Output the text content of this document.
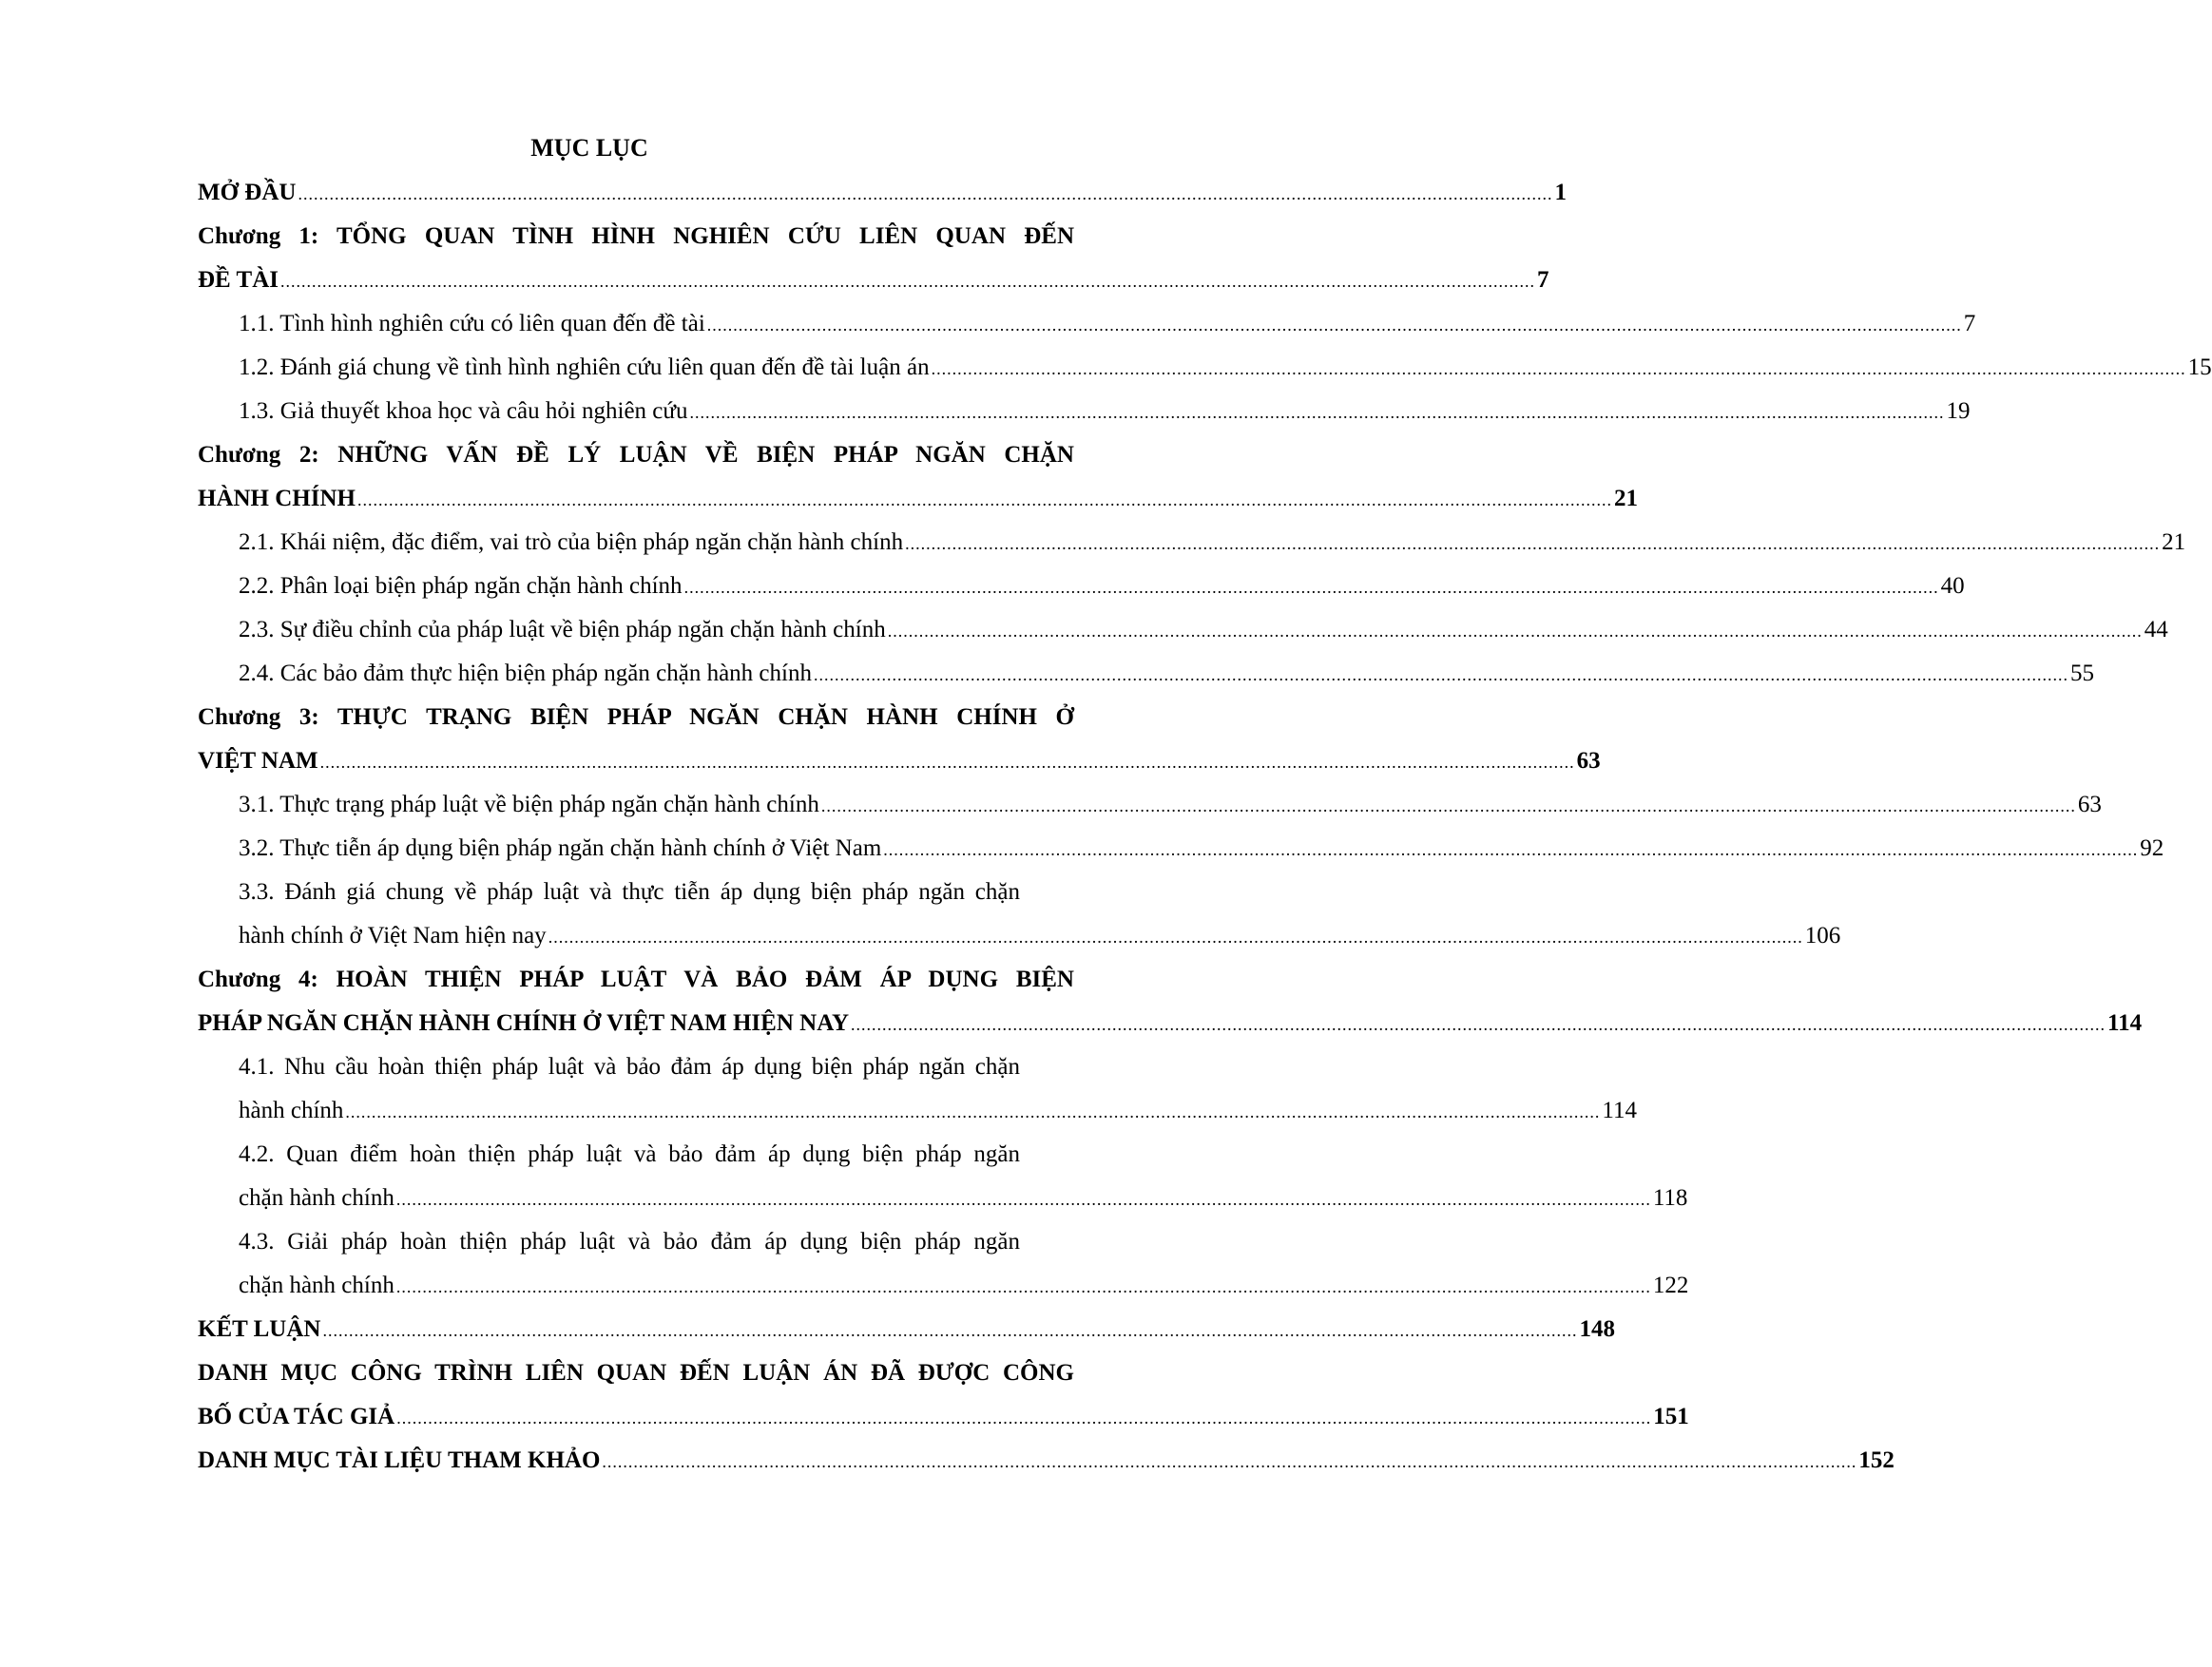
MỤC LỤC
MỞ ĐẦU ................................................................................................................................................................................................................................................ 1
Chương 1: TỔNG QUAN TÌNH HÌNH NGHIÊN CỨU LIÊN QUAN ĐẾN
ĐỀ TÀI ................................................................................................................................................................................................................................................ 7
1.1. Tình hình nghiên cứu có liên quan đến đề tài ................................................................................................................................................................................................................................................ 7
1.2. Đánh giá chung về tình hình nghiên cứu liên quan đến đề tài luận án ................................................................................................................................................................................................................................................ 15
1.3. Giả thuyết khoa học và câu hỏi nghiên cứu ................................................................................................................................................................................................................................................ 19
Chương 2: NHỮNG VẤN ĐỀ LÝ LUẬN VỀ BIỆN PHÁP NGĂN CHẶN
HÀNH CHÍNH ................................................................................................................................................................................................................................................ 21
2.1. Khái niệm, đặc điểm, vai trò của biện pháp ngăn chặn hành chính ................................................................................................................................................................................................................................................ 21
2.2. Phân loại biện pháp ngăn chặn hành chính ................................................................................................................................................................................................................................................ 40
2.3. Sự điều chỉnh của pháp luật về biện pháp ngăn chặn hành chính ................................................................................................................................................................................................................................................ 44
2.4. Các bảo đảm thực hiện biện pháp ngăn chặn hành chính ................................................................................................................................................................................................................................................ 55
Chương 3: THỰC TRẠNG BIỆN PHÁP NGĂN CHẶN HÀNH CHÍNH Ở
VIỆT NAM ................................................................................................................................................................................................................................................ 63
3.1. Thực trạng pháp luật về biện pháp ngăn chặn hành chính ................................................................................................................................................................................................................................................ 63
3.2. Thực tiễn áp dụng biện pháp ngăn chặn hành chính ở Việt Nam ................................................................................................................................................................................................................................................ 92
3.3. Đánh giá chung về pháp luật và thực tiễn áp dụng biện pháp ngăn chặn
hành chính ở Việt Nam hiện nay ................................................................................................................................................................................................................................................ 106
Chương 4: HOÀN THIỆN PHÁP LUẬT VÀ BẢO ĐẢM ÁP DỤNG BIỆN
PHÁP NGĂN CHẶN HÀNH CHÍNH Ở VIỆT NAM HIỆN NAY ................................................................................................................................................................................................................................................ 114
4.1. Nhu cầu hoàn thiện pháp luật và bảo đảm áp dụng biện pháp ngăn chặn
hành chính ................................................................................................................................................................................................................................................ 114
4.2. Quan điểm hoàn thiện pháp luật và bảo đảm áp dụng biện pháp ngăn
chặn hành chính ................................................................................................................................................................................................................................................ 118
4.3. Giải pháp hoàn thiện pháp luật và bảo đảm áp dụng biện pháp ngăn
chặn hành chính ................................................................................................................................................................................................................................................ 122
KẾT LUẬN ................................................................................................................................................................................................................................................ 148
DANH MỤC CÔNG TRÌNH LIÊN QUAN ĐẾN LUẬN ÁN ĐÃ ĐƯỢC CÔNG
BỐ CỦA TÁC GIẢ ................................................................................................................................................................................................................................................ 151
DANH MỤC TÀI LIỆU THAM KHẢO ................................................................................................................................................................................................................................................ 152
